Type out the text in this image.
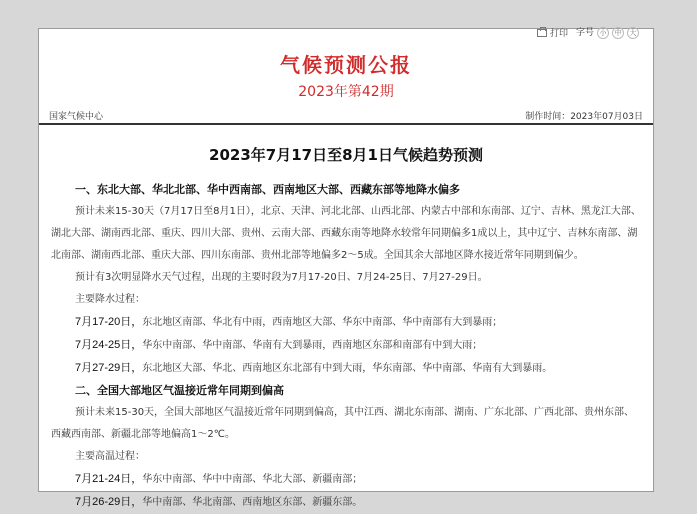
打印 字号 小	中	大
气候预测公报
2023年第42期
国家气候中心	制作时间：2023年07月03日
2023年7月17日至8月1日气候趋势预测
一、东北大部、华北北部、华中西南部、西南地区大部、西藏东部等地降水偏多

预计未来15-30天（7月17日至8月1日），北京、天津、河北北部、山西北部、内蒙古中部和东南部、辽宁、吉林、黑龙江大部、湖北大部、湖南西北部、重庆、四川大部、贵州、云南大部、西藏东南等地降水较常年同期偏多1成以上，其中辽宁、吉林东南部、湖北南部、湖南西北部、重庆大部、四川东南部、贵州北部等地偏多2～5成。全国其余大部地区降水接近常年同期到偏少。

预计有3次明显降水天气过程，出现的主要时段为7月17-20日、7月24-25日、7月27-29日。

主要降水过程：

7月17-20日，东北地区南部、华北有中雨，西南地区大部、华东中南部、华中南部有大到暴雨；

7月24-25日，华东中南部、华中南部、华南有大到暴雨，西南地区东部和南部有中到大雨；

7月27-29日，东北地区大部、华北、西南地区东北部有中到大雨，华东南部、华中南部、华南有大到暴雨。

二、全国大部地区气温接近常年同期到偏高

预计未来15-30天，全国大部地区气温接近常年同期到偏高，其中江西、湖北东南部、湖南、广东北部、广西北部、贵州东部、西藏西南部、新疆北部等地偏高1～2℃。

主要高温过程：

7月21-24日，华东中南部、华中中南部、华北大部、新疆南部；

7月26-29日，华中南部、华北南部、西南地区东部、新疆东部。
